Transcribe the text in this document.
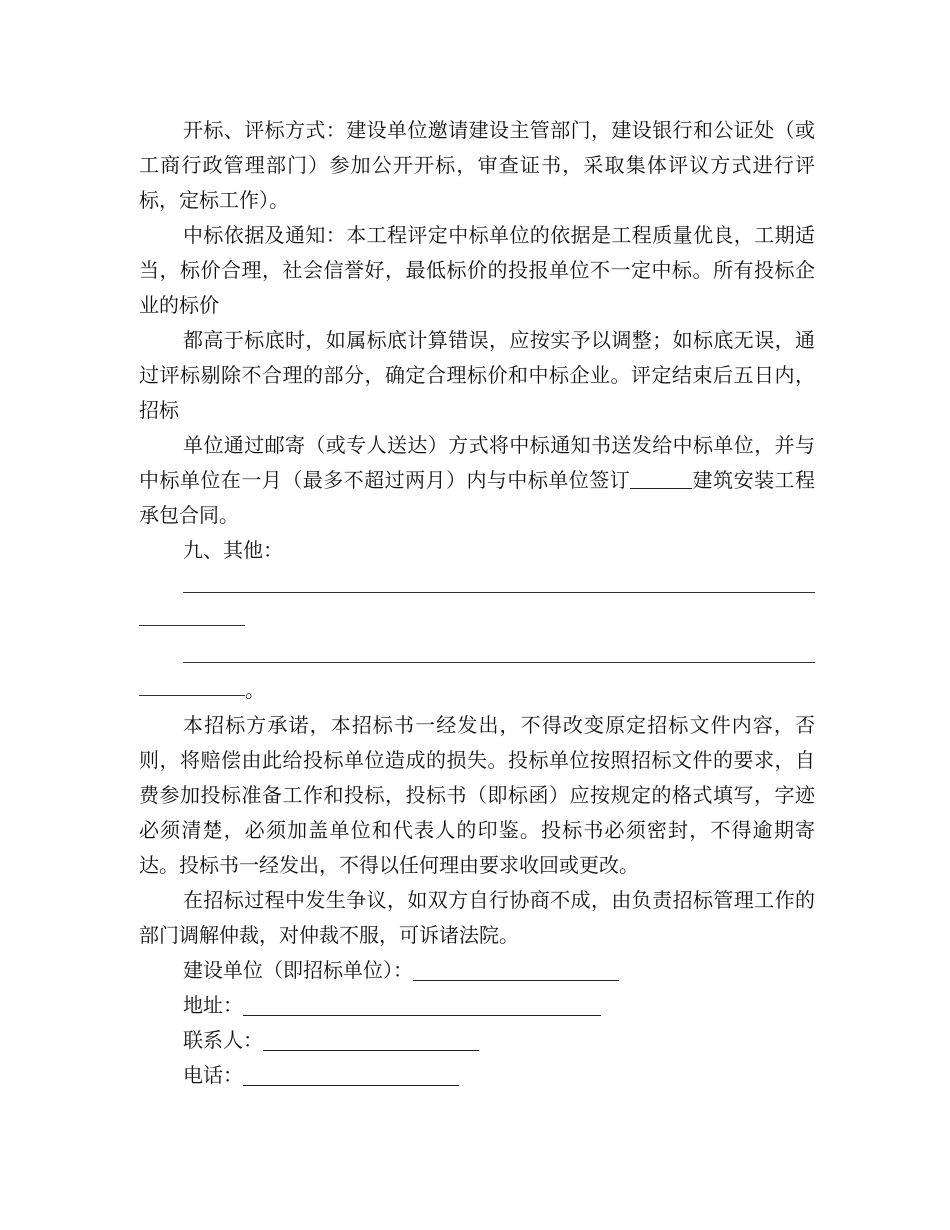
开标、评标方式：建设单位邀请建设主管部门，建设银行和公证处（或工商行政管理部门）参加公开开标，审查证书，采取集体评议方式进行评标，定标工作）。

中标依据及通知：本工程评定中标单位的依据是工程质量优良，工期适当，标价合理，社会信誉好，最低标价的投报单位不一定中标。所有投标企业的标价

都高于标底时，如属标底计算错误，应按实予以调整；如标底无误，通过评标剔除不合理的部分，确定合理标价和中标企业。评定结束后五日内，招标

单位通过邮寄（或专人送达）方式将中标通知书送发给中标单位，并与中标单位在一月（最多不超过两月）内与中标单位签订	建筑安装工程承包合同。

九、其他：

。

本招标方承诺，本招标书一经发出，不得改变原定招标文件内容，否则，将赔偿由此给投标单位造成的损失。投标单位按照招标文件的要求，自费参加投标准备工作和投标，投标书（即标函）应按规定的格式填写，字迹必须清楚，必须加盖单位和代表人的印鉴。投标书必须密封，不得逾期寄达。投标书一经发出，不得以任何理由要求收回或更改。

在招标过程中发生争议，如双方自行协商不成，由负责招标管理工作的部门调解仲裁，对仲裁不服，可诉诸法院。

建设单位（即招标单位）：
地址：
联系人：
电话：
